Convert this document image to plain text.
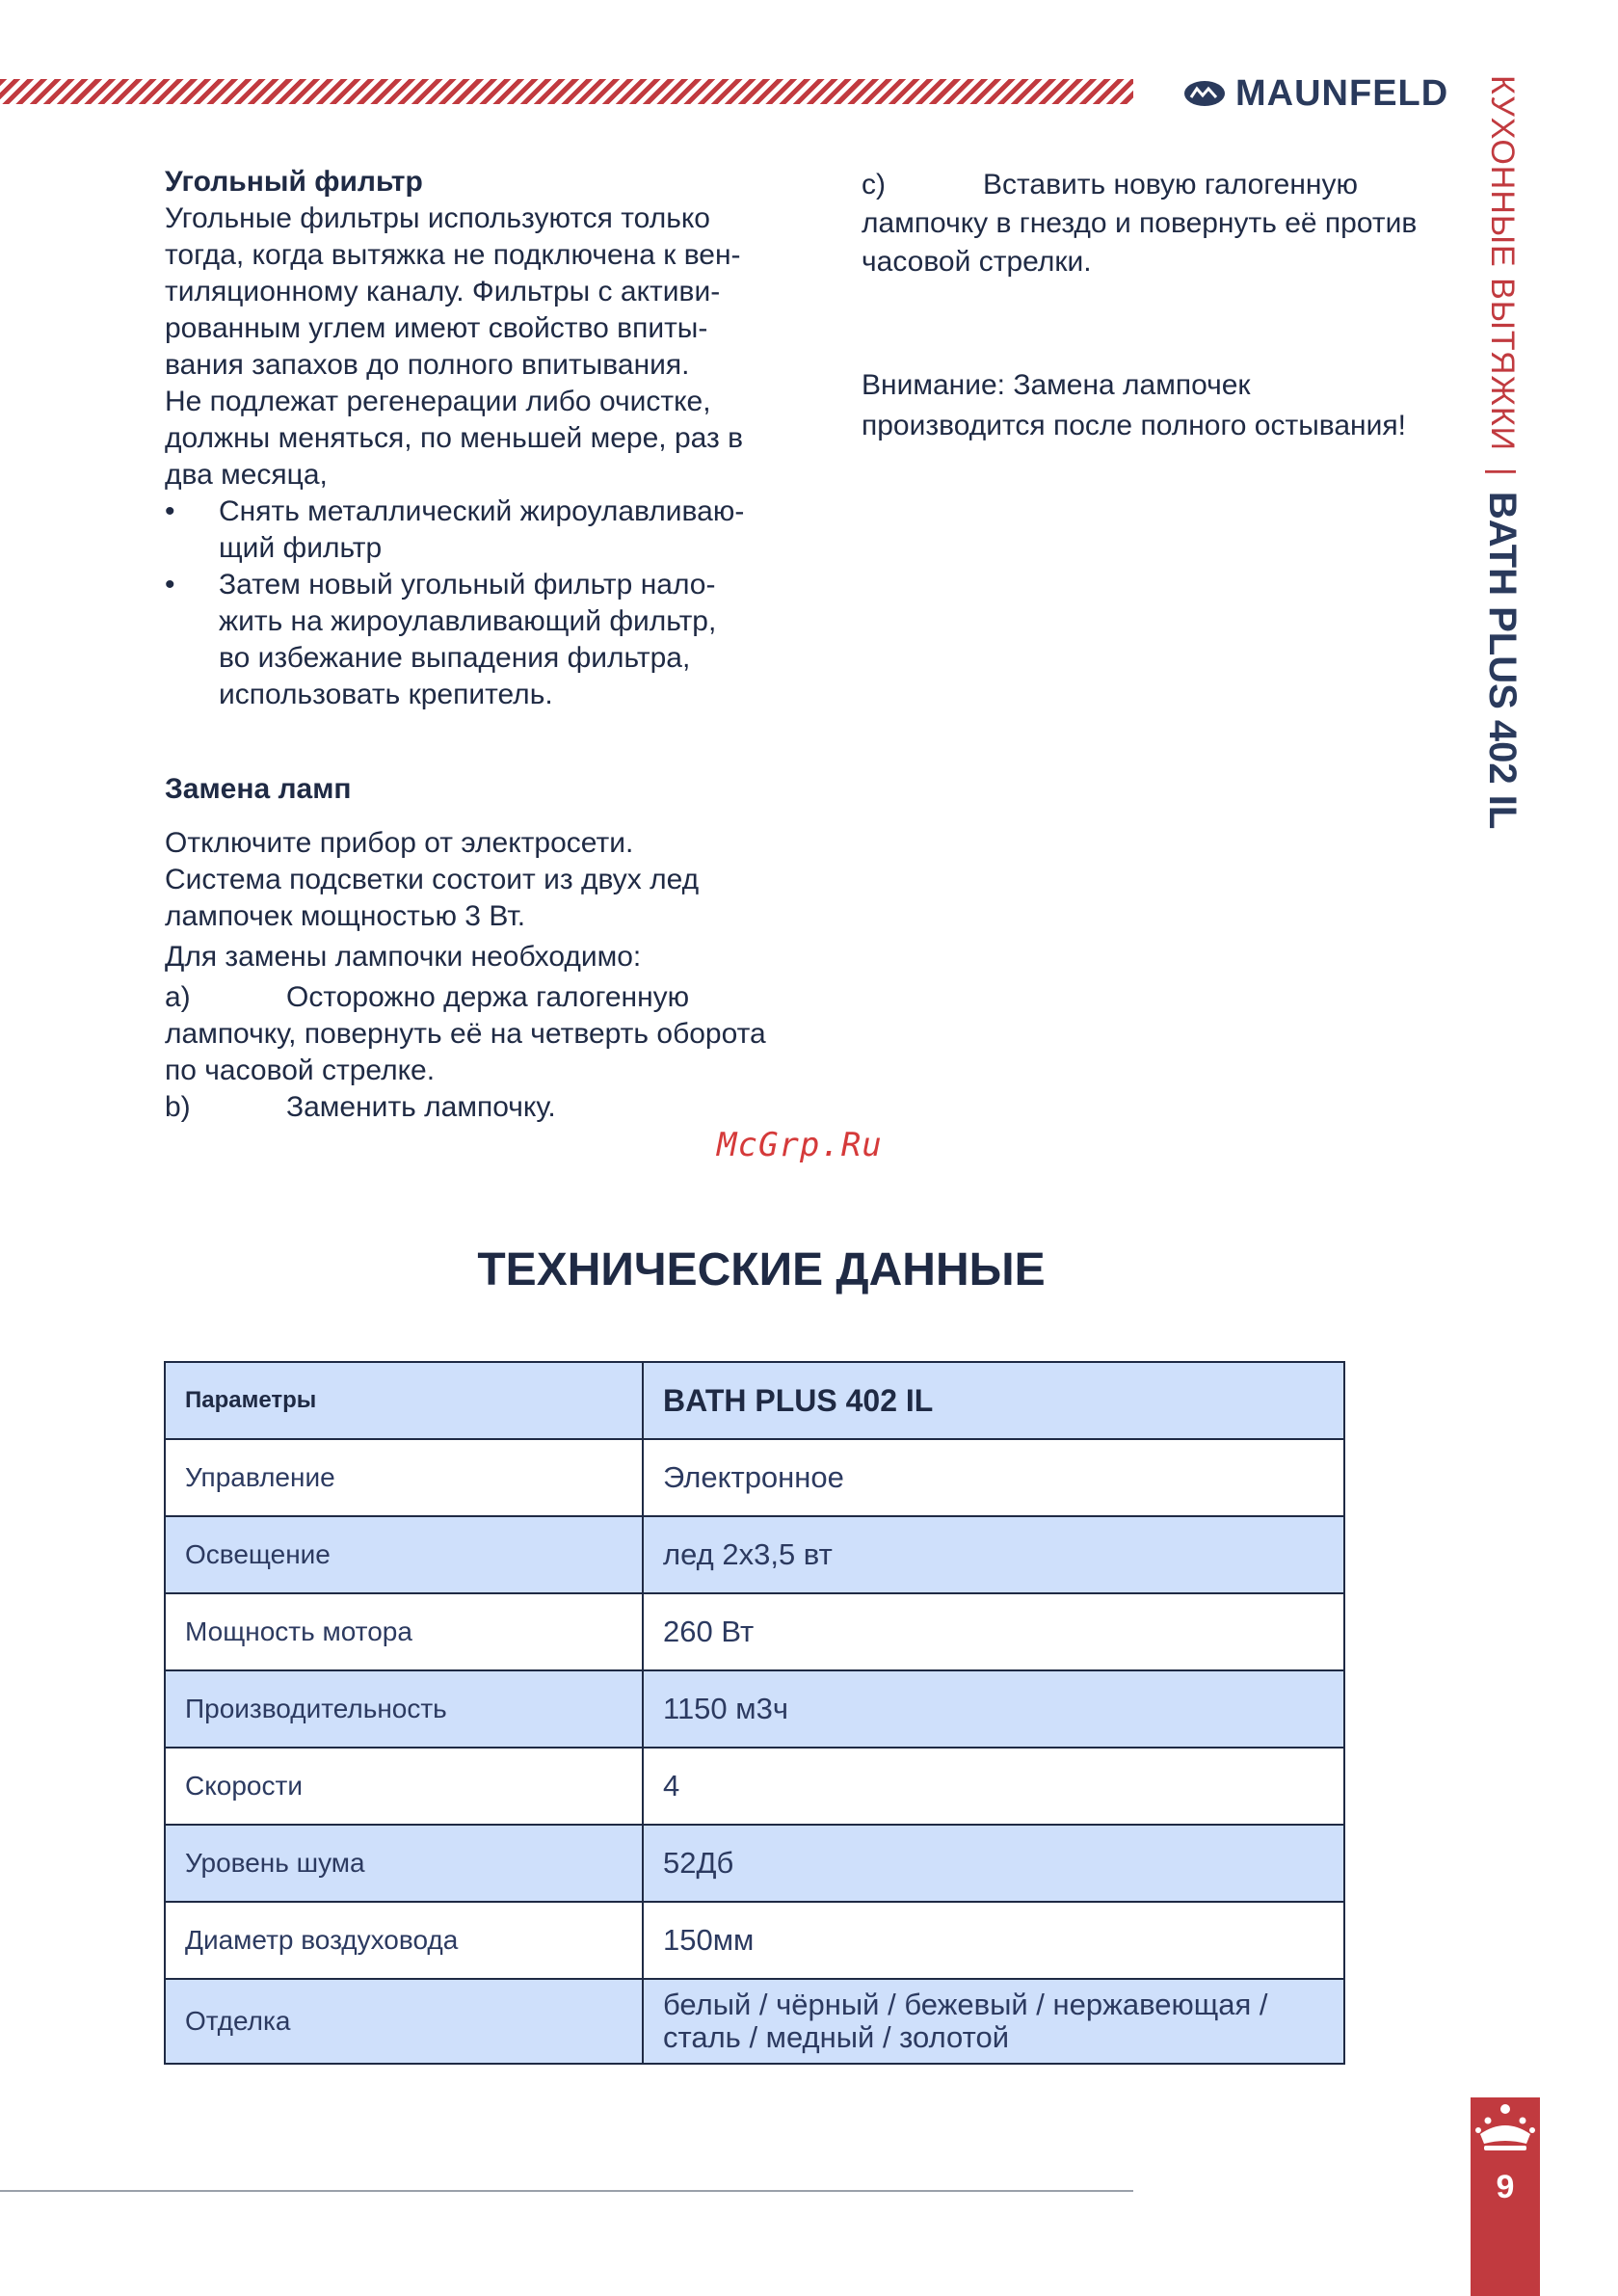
MAUNFELD КУХОННЫЕ ВЫТЯЖКИ | BATH PLUS 402 IL

Угольный фильтр

Угольные фильтры используются только

тогда, когда вытяжка не подключена к вен-

тиляционному каналу. Фильтры с активи-

рованным углем имеют свойство впиты-

вания запахов до полного впитывания.

Не подлежат регенерации либо очистке,

должны меняться, по меньшей мере, раз в

два месяца,

• Снять металлический жироулавливаю-

щий фильтр

• Затем новый угольный фильтр нало-

жить на жироулавливающий фильтр,

во избежание выпадения фильтра,

использовать крепитель.

Замена ламп

Отключите прибор от электросети.

Система подсветки состоит из двух лед

лампочек мощностью 3 Вт.

Для замены лампочки необходимо:

a)	Осторожно держа галогенную

лампочку, повернуть её на четверть оборота

по часовой стрелке.

b)	Заменить лампочку.
c)	Вставить новую галогенную

лампочку в гнездо и повернуть её против

часовой стрелки.

Внимание: Замена лампочек

производится после полного остывания!

McGrp.Ru
ТЕХНИЧЕСКИЕ ДАННЫЕ
Параметры	BATH PLUS 402 IL
Управление	Электронное
Освещение	лед 2х3,5 вт
Мощность мотора	260 Вт
Производительность	1150 м3ч
Скорости	4
Уровень шума	52Дб
Диаметр воздуховода	150мм
Отделка	белый / чёрный / бежевый / нержавеющая /
сталь / медный / золотой
9
